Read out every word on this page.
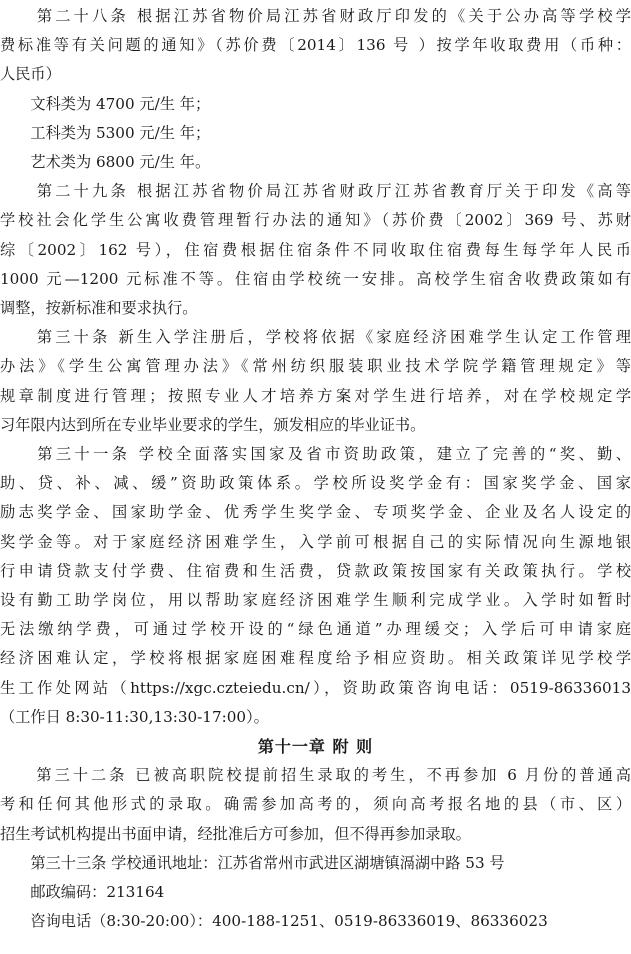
　　第二十八条 根据江苏省物价局江苏省财政厅印发的《关于公办高等学校学
费标准等有关问题的通知》（苏价费〔2014〕136 号 ）按学年收取费用（币种：
人民币）
　　文科类为 4700 元/生 年；
　　工科类为 5300 元/生 年；
　　艺术类为 6800 元/生 年。
　　第二十九条 根据江苏省物价局江苏省财政厅江苏省教育厅关于印发《高等
学校社会化学生公寓收费管理暂行办法的通知》（苏价费〔2002〕369 号、苏财
综〔2002〕162 号），住宿费根据住宿条件不同收取住宿费每生每学年人民币
1000 元—1200 元标准不等。住宿由学校统一安排。高校学生宿舍收费政策如有
调整，按新标准和要求执行。
　　第三十条 新生入学注册后，学校将依据《家庭经济困难学生认定工作管理
办法》《学生公寓管理办法》《常州纺织服装职业技术学院学籍管理规定》等
规章制度进行管理；按照专业人才培养方案对学生进行培养，对在学校规定学
习年限内达到所在专业毕业要求的学生，颁发相应的毕业证书。
　　第三十一条 学校全面落实国家及省市资助政策，建立了完善的“奖、勤、
助、贷、补、减、缓”资助政策体系。学校所设奖学金有：国家奖学金、国家
励志奖学金、国家助学金、优秀学生奖学金、专项奖学金、企业及名人设定的
奖学金等。对于家庭经济困难学生，入学前可根据自己的实际情况向生源地银
行申请贷款支付学费、住宿费和生活费，贷款政策按国家有关政策执行。学校
设有勤工助学岗位，用以帮助家庭经济困难学生顺利完成学业。入学时如暂时
无法缴纳学费，可通过学校开设的“绿色通道”办理缓交；入学后可申请家庭
经济困难认定，学校将根据家庭困难程度给予相应资助。相关政策详见学校学
生工作处网站（https://xgc.czteiedu.cn/），资助政策咨询电话：0519-86336013
（工作日 8:30-11:30,13:30-17:00）。
第十一章 附 则
　　第三十二条 已被高职院校提前招生录取的考生，不再参加 6 月份的普通高
考和任何其他形式的录取。确需参加高考的，须向高考报名地的县（市、区）
招生考试机构提出书面申请，经批准后方可参加，但不得再参加录取。
　　第三十三条 学校通讯地址：江苏省常州市武进区湖塘镇滆湖中路 53 号
　　邮政编码：213164
　　咨询电话（8:30-20:00）：400-188-1251、0519-86336019、86336023
